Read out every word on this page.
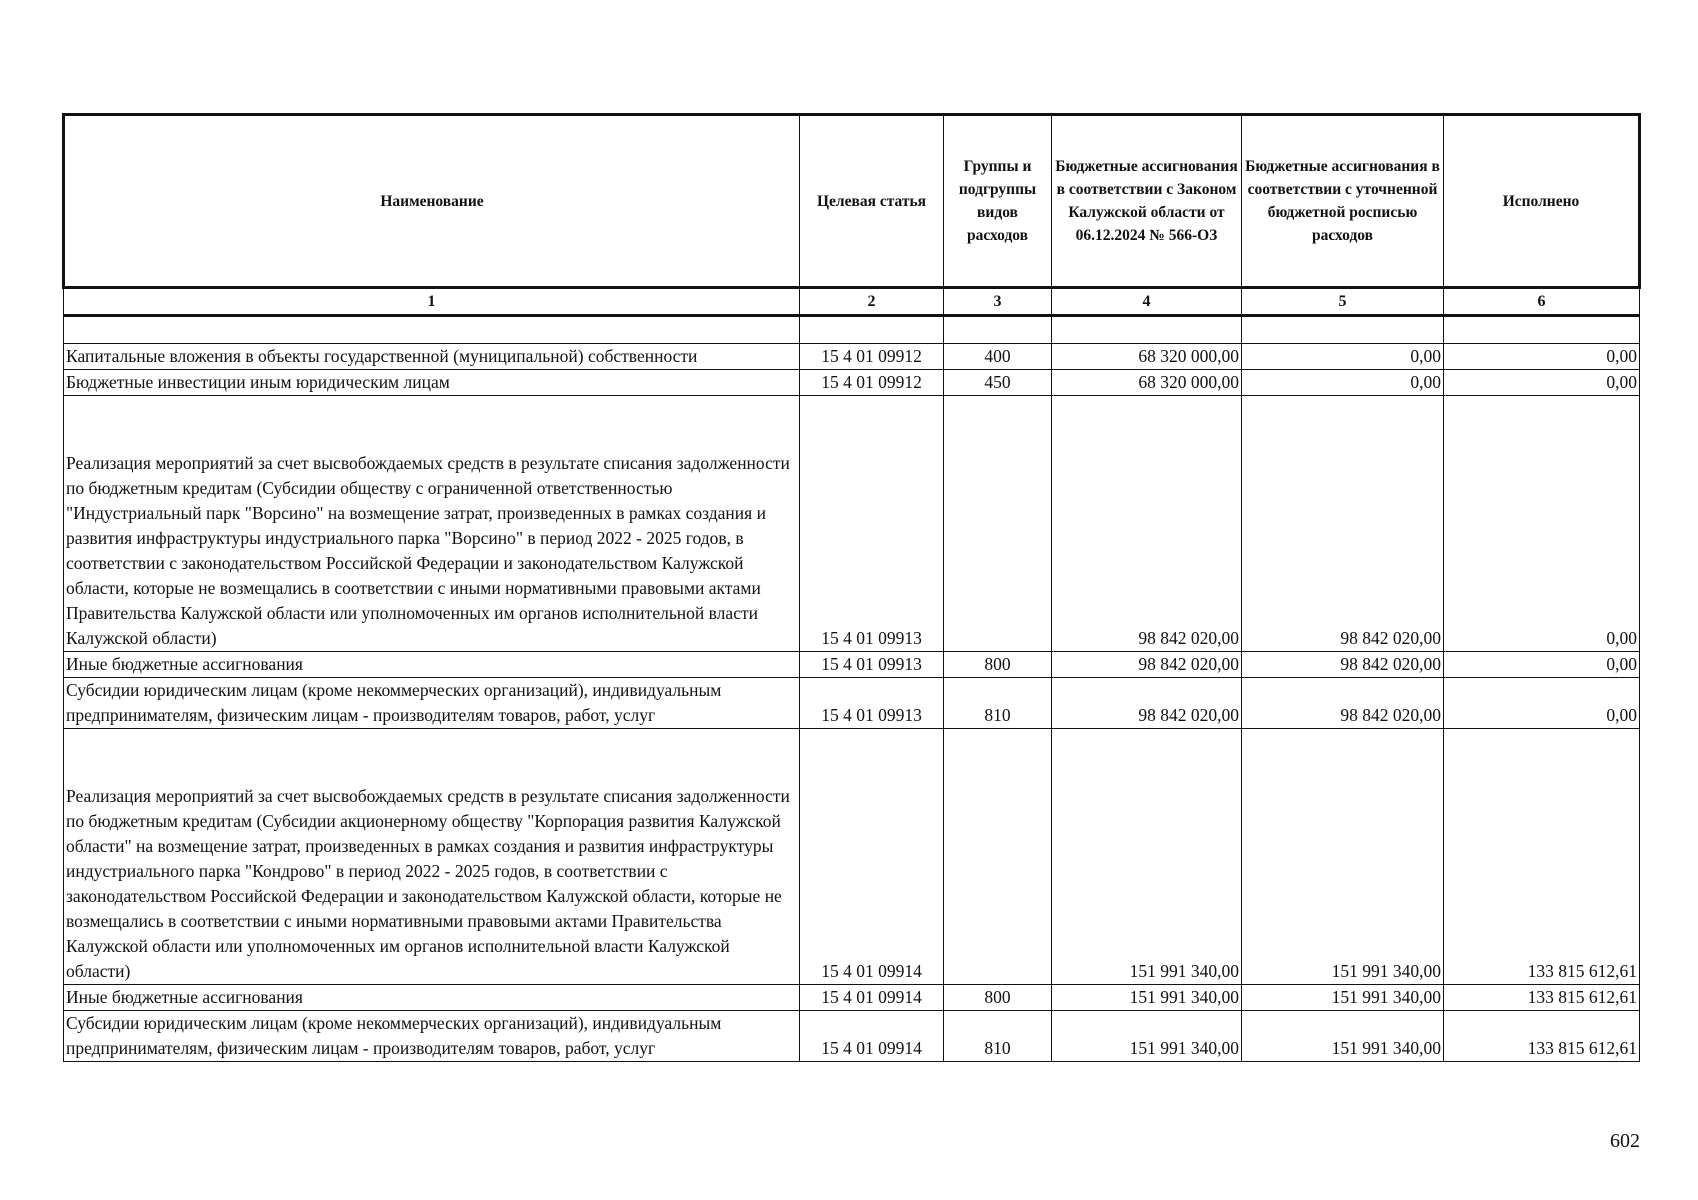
Наименование	Целевая статья	Группы и подгруппы видов расходов	Бюджетные ассигнования в соответствии с Законом Калужской области от 06.12.2024 № 566-ОЗ	Бюджетные ассигнования в соответствии с уточненной бюджетной росписью расходов	Исполнено
1	2	3	4	5	6

Капитальные вложения в объекты государственной (муниципальной) собственности	15 4 01 09912	400	68 320 000,00	0,00	0,00
Бюджетные инвестиции иным юридическим лицам	15 4 01 09912	450	68 320 000,00	0,00	0,00
Реализация мероприятий за счет высвобождаемых средств в результате списания задолженности по бюджетным кредитам (Субсидии обществу с ограниченной ответственностью "Индустриальный парк "Ворсино" на возмещение затрат, произведенных в рамках создания и развития инфраструктуры индустриального парка "Ворсино" в период 2022 - 2025 годов, в соответствии с законодательством Российской Федерации и законодательством Калужской области, которые не возмещались в соответствии с иными нормативными правовыми актами Правительства Калужской области или уполномоченных им органов исполнительной власти Калужской области)	15 4 01 09913		98 842 020,00	98 842 020,00	0,00
Иные бюджетные ассигнования	15 4 01 09913	800	98 842 020,00	98 842 020,00	0,00
Субсидии юридическим лицам (кроме некоммерческих организаций), индивидуальным предпринимателям, физическим лицам - производителям товаров, работ, услуг	15 4 01 09913	810	98 842 020,00	98 842 020,00	0,00
Реализация мероприятий за счет высвобождаемых средств в результате списания задолженности по бюджетным кредитам (Субсидии акционерному обществу "Корпорация развития Калужской области" на возмещение затрат, произведенных в рамках создания и развития инфраструктуры индустриального парка "Кондрово" в период 2022 - 2025 годов, в соответствии с законодательством Российской Федерации и законодательством Калужской области, которые не возмещались в соответствии с иными нормативными правовыми актами Правительства Калужской области или уполномоченных им органов исполнительной власти Калужской области)	15 4 01 09914		151 991 340,00	151 991 340,00	133 815 612,61
Иные бюджетные ассигнования	15 4 01 09914	800	151 991 340,00	151 991 340,00	133 815 612,61
Субсидии юридическим лицам (кроме некоммерческих организаций), индивидуальным предпринимателям, физическим лицам - производителям товаров, работ, услуг	15 4 01 09914	810	151 991 340,00	151 991 340,00	133 815 612,61
602
